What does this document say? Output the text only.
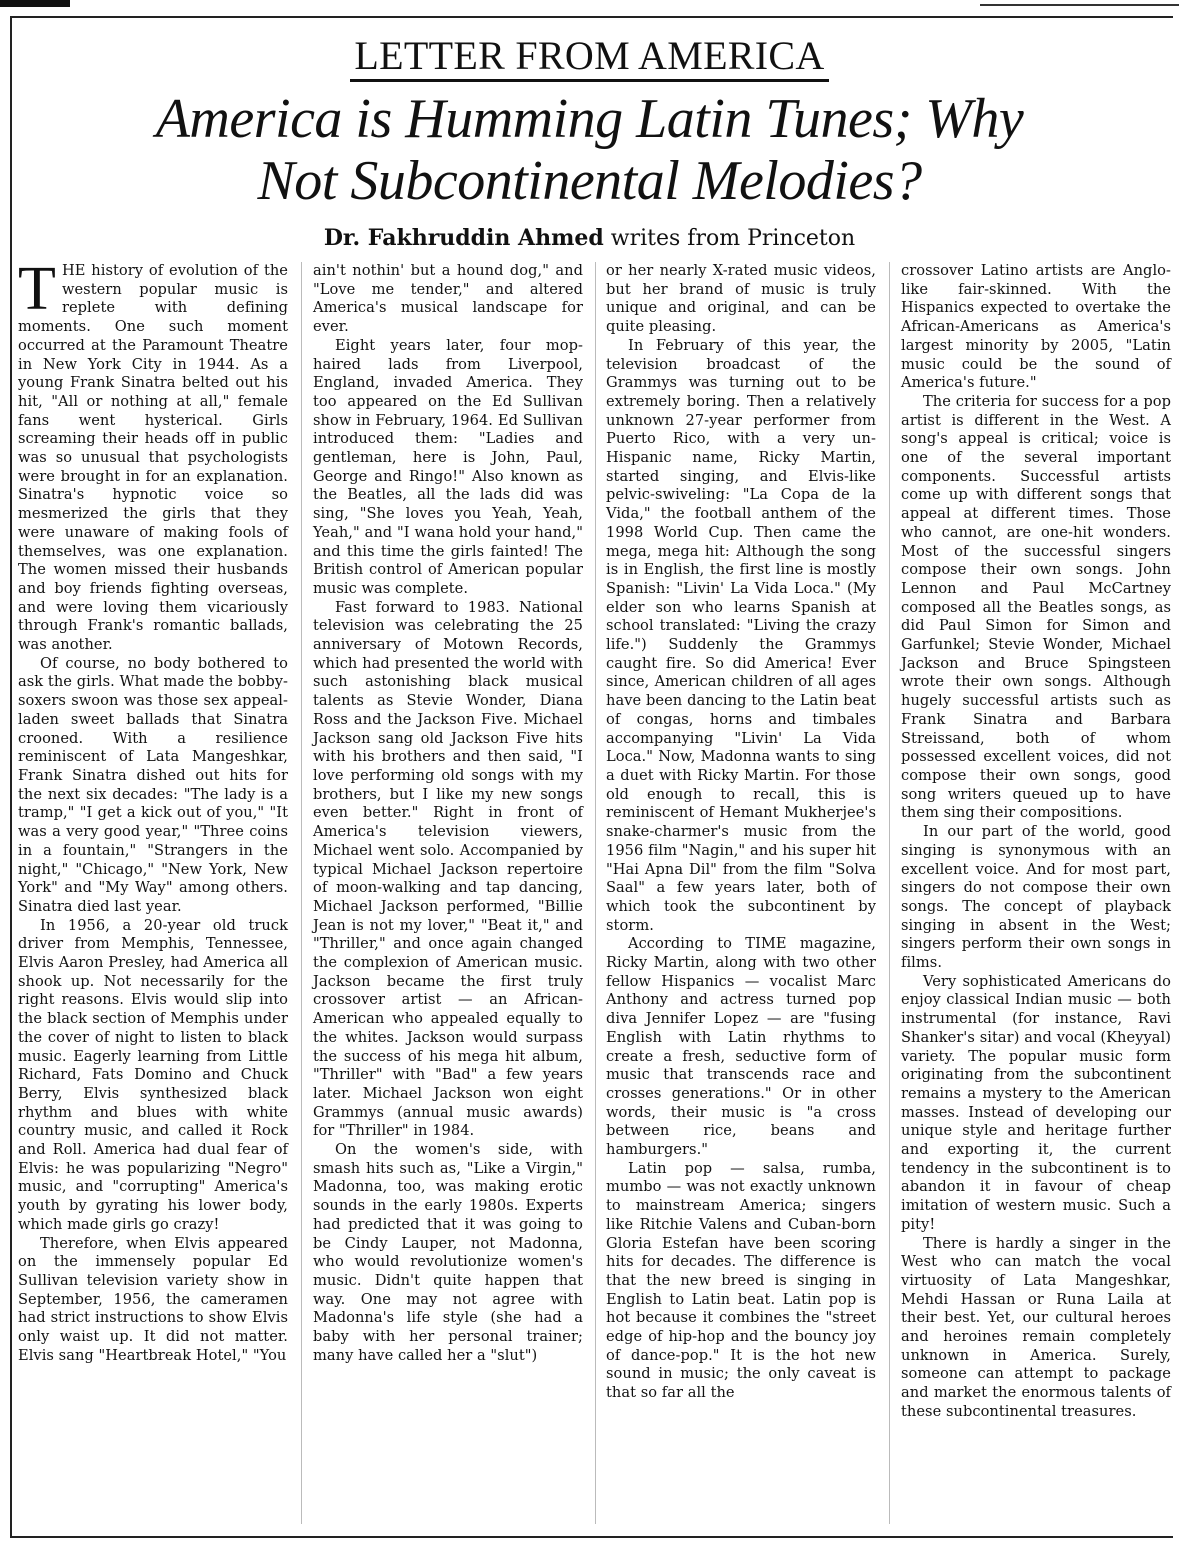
LETTER FROM AMERICA
America is Humming Latin Tunes; Why
Not Subcontinental Melodies?
Dr. Fakhruddin Ahmed writes from Princeton

THE history of evolution of the western popular music is replete with defining moments. One such moment occurred at the Paramount Theatre in New York City in 1944. As a young Frank Sinatra belted out his hit, "All or nothing at all," female fans went hysterical. Girls screaming their heads off in public was so unusual that psychologists were brought in for an explanation. Sinatra's hypnotic voice so mesmerized the girls that they were unaware of making fools of themselves, was one explanation. The women missed their husbands and boy friends fighting overseas, and were loving them vicariously through Frank's romantic ballads, was another.

Of course, no body bothered to ask the girls. What made the bobby-soxers swoon was those sex appeal-laden sweet ballads that Sinatra crooned. With a resilience reminiscent of Lata Mangeshkar, Frank Sinatra dished out hits for the next six decades: "The lady is a tramp," "I get a kick out of you," "It was a very good year," "Three coins in a fountain," "Strangers in the night," "Chicago," "New York, New York" and "My Way" among others. Sinatra died last year.

In 1956, a 20-year old truck driver from Memphis, Tennessee, Elvis Aaron Presley, had America all shook up. Not necessarily for the right reasons. Elvis would slip into the black section of Memphis under the cover of night to listen to black music. Eagerly learning from Little Richard, Fats Domino and Chuck Berry, Elvis synthesized black rhythm and blues with white country music, and called it Rock and Roll. America had dual fear of Elvis: he was popularizing "Negro" music, and "corrupting" America's youth by gyrating his lower body, which made girls go crazy!

Therefore, when Elvis appeared on the immensely popular Ed Sullivan television variety show in September, 1956, the cameramen had strict instructions to show Elvis only waist up. It did not matter. Elvis sang "Heartbreak Hotel," "You

ain't nothin' but a hound dog," and "Love me tender," and altered America's musical landscape for ever.

Eight years later, four mop-haired lads from Liverpool, England, invaded America. They too appeared on the Ed Sullivan show in February, 1964. Ed Sullivan introduced them: "Ladies and gentleman, here is John, Paul, George and Ringo!" Also known as the Beatles, all the lads did was sing, "She loves you Yeah, Yeah, Yeah," and "I wana hold your hand," and this time the girls fainted! The British control of American popular music was complete.

Fast forward to 1983. National television was celebrating the 25 anniversary of Motown Records, which had presented the world with such astonishing black musical talents as Stevie Wonder, Diana Ross and the Jackson Five. Michael Jackson sang old Jackson Five hits with his brothers and then said, "I love performing old songs with my brothers, but I like my new songs even better." Right in front of America's television viewers, Michael went solo. Accompanied by typical Michael Jackson repertoire of moon-walking and tap dancing, Michael Jackson performed, "Billie Jean is not my lover," "Beat it," and "Thriller," and once again changed the complexion of American music. Jackson became the first truly crossover artist — an African-American who appealed equally to the whites. Jackson would surpass the success of his mega hit album, "Thriller" with "Bad" a few years later. Michael Jackson won eight Grammys (annual music awards) for "Thriller" in 1984.

On the women's side, with smash hits such as, "Like a Virgin," Madonna, too, was making erotic sounds in the early 1980s. Experts had predicted that it was going to be Cindy Lauper, not Madonna, who would revolutionize women's music. Didn't quite happen that way. One may not agree with Madonna's life style (she had a baby with her personal trainer; many have called her a "slut")

or her nearly X-rated music videos, but her brand of music is truly unique and original, and can be quite pleasing.

In February of this year, the television broadcast of the Grammys was turning out to be extremely boring. Then a relatively unknown 27-year performer from Puerto Rico, with a very un-Hispanic name, Ricky Martin, started singing, and Elvis-like pelvic-swiveling: "La Copa de la Vida," the football anthem of the 1998 World Cup. Then came the mega, mega hit: Although the song is in English, the first line is mostly Spanish: "Livin' La Vida Loca." (My elder son who learns Spanish at school translated: "Living the crazy life.") Suddenly the Grammys caught fire. So did America! Ever since, American children of all ages have been dancing to the Latin beat of congas, horns and timbales accompanying "Livin' La Vida Loca." Now, Madonna wants to sing a duet with Ricky Martin. For those old enough to recall, this is reminiscent of Hemant Mukherjee's snake-charmer's music from the 1956 film "Nagin," and his super hit "Hai Apna Dil" from the film "Solva Saal" a few years later, both of which took the subcontinent by storm.

According to TIME magazine, Ricky Martin, along with two other fellow Hispanics — vocalist Marc Anthony and actress turned pop diva Jennifer Lopez — are "fusing English with Latin rhythms to create a fresh, seductive form of music that transcends race and crosses generations." Or in other words, their music is "a cross between rice, beans and hamburgers."

Latin pop — salsa, rumba, mumbo — was not exactly unknown to mainstream America; singers like Ritchie Valens and Cuban-born Gloria Estefan have been scoring hits for decades. The difference is that the new breed is singing in English to Latin beat. Latin pop is hot because it combines the "street edge of hip-hop and the bouncy joy of dance-pop." It is the hot new sound in music; the only caveat is that so far all the

crossover Latino artists are Anglo-like fair-skinned. With the Hispanics expected to overtake the African-Americans as America's largest minority by 2005, "Latin music could be the sound of America's future."

The criteria for success for a pop artist is different in the West. A song's appeal is critical; voice is one of the several important components. Successful artists come up with different songs that appeal at different times. Those who cannot, are one-hit wonders. Most of the successful singers compose their own songs. John Lennon and Paul McCartney composed all the Beatles songs, as did Paul Simon for Simon and Garfunkel; Stevie Wonder, Michael Jackson and Bruce Spingsteen wrote their own songs. Although hugely successful artists such as Frank Sinatra and Barbara Streissand, both of whom possessed excellent voices, did not compose their own songs, good song writers queued up to have them sing their compositions.

In our part of the world, good singing is synonymous with an excellent voice. And for most part, singers do not compose their own songs. The concept of playback singing in absent in the West; singers perform their own songs in films.

Very sophisticated Americans do enjoy classical Indian music — both instrumental (for instance, Ravi Shanker's sitar) and vocal (Kheyyal) variety. The popular music form originating from the subcontinent remains a mystery to the American masses. Instead of developing our unique style and heritage further and exporting it, the current tendency in the subcontinent is to abandon it in favour of cheap imitation of western music. Such a pity!

There is hardly a singer in the West who can match the vocal virtuosity of Lata Mangeshkar, Mehdi Hassan or Runa Laila at their best. Yet, our cultural heroes and heroines remain completely unknown in America. Surely, someone can attempt to package and market the enormous talents of these subcontinental treasures.
